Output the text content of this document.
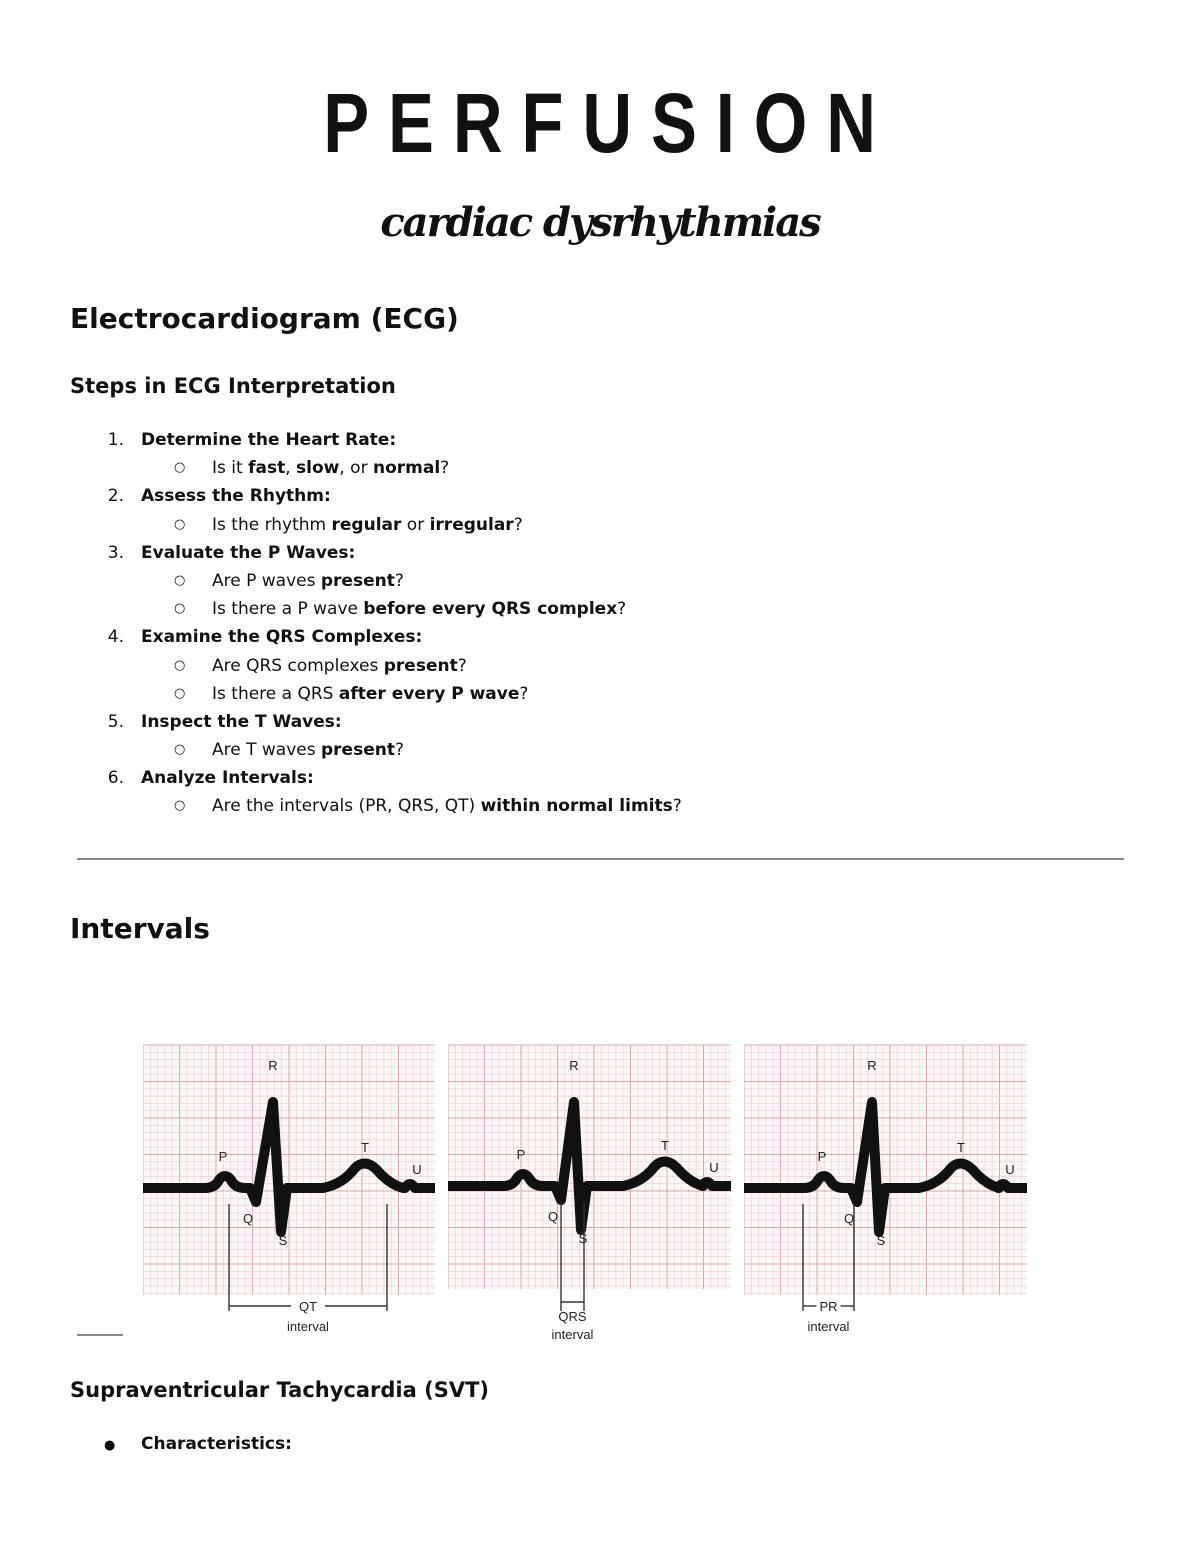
PERFUSION
cardiac dysrhythmias
Electrocardiogram (ECG)
Steps in ECG Interpretation
1. Determine the Heart Rate:
○ Is it fast, slow, or normal?
2. Assess the Rhythm:
○ Is the rhythm regular or irregular?
3. Evaluate the P Waves:
○ Are P waves present?
○ Is there a P wave before every QRS complex?
4. Examine the QRS Complexes:
○ Are QRS complexes present?
○ Is there a QRS after every P wave?
5. Inspect the T Waves:
○ Are T waves present?
6. Analyze Intervals:
○ Are the intervals (PR, QRS, QT) within normal limits?
Intervals
R
P
T
U
Q
S
QT
interval
R
P
T
U
Q
S
QRS
interval
R
P
T
U
Q
S
PR
interval
Supraventricular Tachycardia (SVT)
● Characteristics:
